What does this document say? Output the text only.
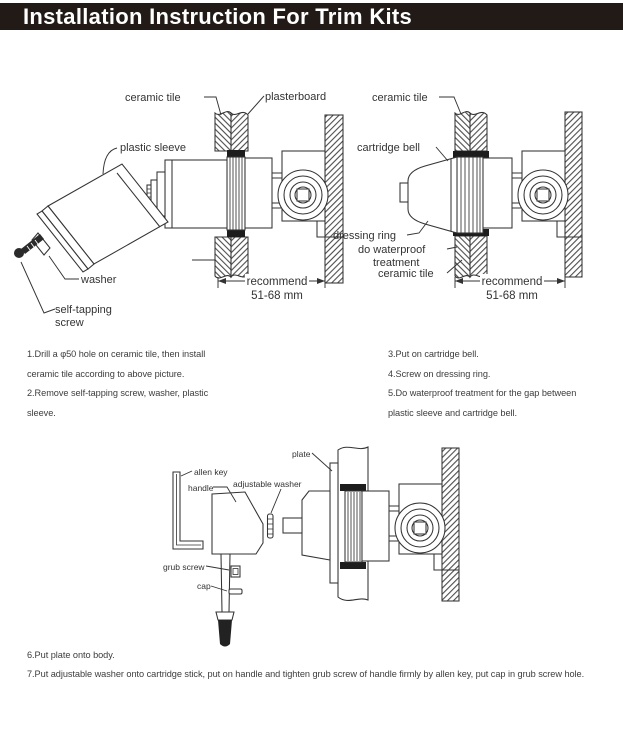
Installation Instruction For Trim Kits
ceramic tile	plasterboard
plastic sleeve
washer
self-tapping
screw
recommend
51-68 mm
ceramic tile
cartridge bell
dressing ring
do waterproof
treatment
ceramic tile
recommend
51-68 mm

1.Drill a φ50 hole on ceramic tile, then install

ceramic tile according to above picture.

2.Remove self-tapping screw, washer, plastic

sleeve.

3.Put on cartridge bell.

4.Screw on dressing ring.

5.Do waterproof treatment for the gap between

plastic sleeve and cartridge bell.

plate
allen key
handle adjustable washer
grub screw
cap

6.Put plate onto body.

7.Put adjustable washer onto cartridge stick, put on handle and tighten grub screw of handle firmly by allen key, put cap in grub screw hole.
